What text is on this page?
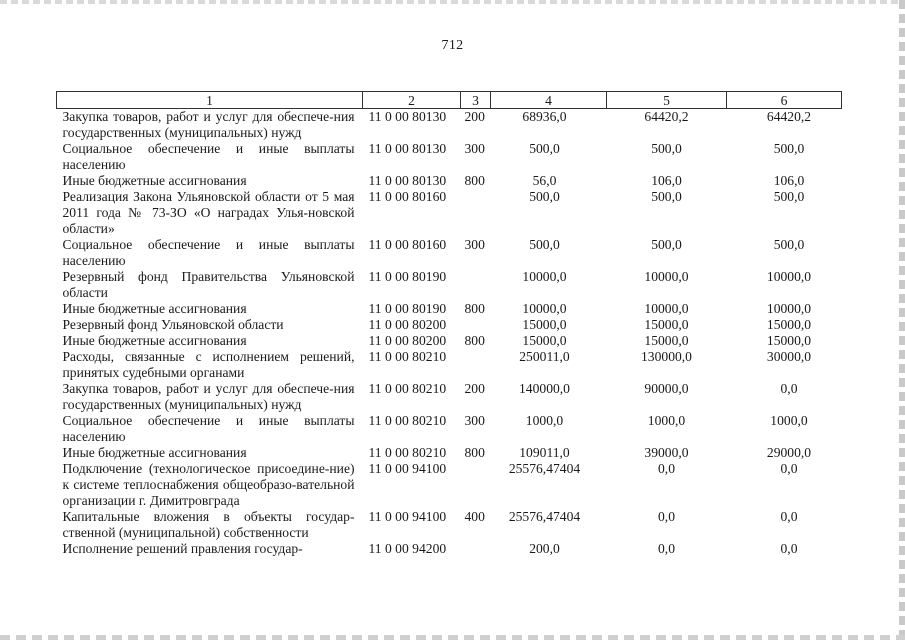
712
1	2	3	4	5	6
Закупка товаров, работ и услуг для обеспече-ния государственных (муниципальных) нужд	11 0 00 80130	200	68936,0	64420,2	64420,2
Социальное обеспечение и иные выплаты населению	11 0 00 80130	300	500,0	500,0	500,0
Иные бюджетные ассигнования	11 0 00 80130	800	56,0	106,0	106,0
Реализация Закона Ульяновской области от 5 мая 2011 года № 73-ЗО «О наградах Улья-новской области»	11 0 00 80160		500,0	500,0	500,0
Социальное обеспечение и иные выплаты населению	11 0 00 80160	300	500,0	500,0	500,0
Резервный фонд Правительства Ульяновской области	11 0 00 80190		10000,0	10000,0	10000,0
Иные бюджетные ассигнования	11 0 00 80190	800	10000,0	10000,0	10000,0
Резервный фонд Ульяновской области	11 0 00 80200		15000,0	15000,0	15000,0
Иные бюджетные ассигнования	11 0 00 80200	800	15000,0	15000,0	15000,0
Расходы, связанные с исполнением решений, принятых судебными органами	11 0 00 80210		250011,0	130000,0	30000,0
Закупка товаров, работ и услуг для обеспече-ния государственных (муниципальных) нужд	11 0 00 80210	200	140000,0	90000,0	0,0
Социальное обеспечение и иные выплаты населению	11 0 00 80210	300	1000,0	1000,0	1000,0
Иные бюджетные ассигнования	11 0 00 80210	800	109011,0	39000,0	29000,0
Подключение (технологическое присоедине-ние) к системе теплоснабжения общеобразо-вательной организации г. Димитровграда	11 0 00 94100		25576,47404	0,0	0,0
Капитальные вложения в объекты государ-ственной (муниципальной) собственности	11 0 00 94100	400	25576,47404	0,0	0,0
Исполнение решений правления государ-	11 0 00 94200		200,0	0,0	0,0
